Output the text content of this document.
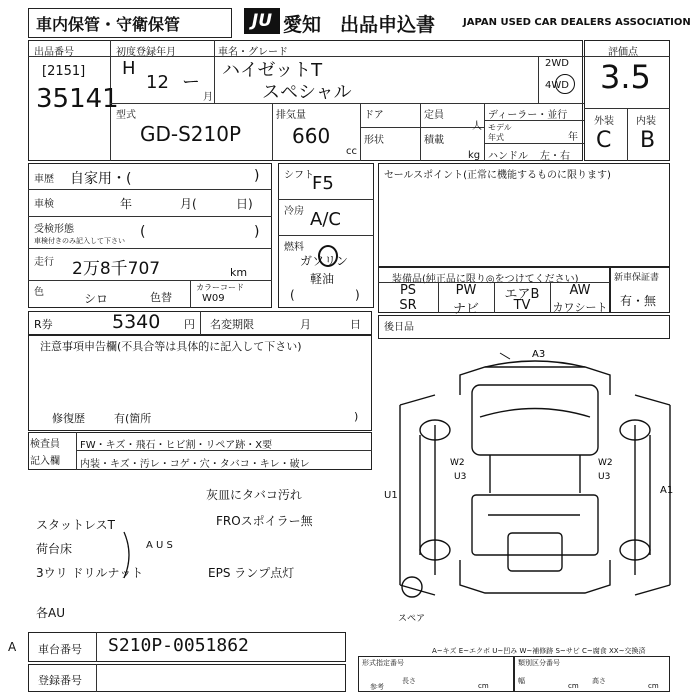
車内保管・守衛保管	JU 愛知 出品申込書	JAPAN USED CAR DEALERS ASSOCIATION
出品番号
[2151]
35141
初度登録年月
H
12 ー
月
車名・グレード
ハイゼットT
スペシャル
2WD
4WD
型式
GD-S210P
排気量
660
cc
ドア
形状
定員
人
積載
kg
ディーラー・並行
モデル
年式	年
ハンドル 左・右
評価点
3.5
外装 内装
C B
車歴 自家用・(	)
車検	年	月(	日)
受検形態
車検付きのみ記入して下さい
(	)
走行 2万8千707	km
色	シロ	色替
カラーコード
W09
シフト
F5
冷房 A/C
燃料
ガソリン
軽油
(	)
セールスポイント(正常に機能するものに限ります)
装備品(純正品に限り◎をつけてください)
PS	PW	エアB	AW
SR	ナビ	TV	カワシート
新車保証書
有・無
R券	5340 円 名変期限	月	日 後日品
注意事項申告欄(不具合等は具体的に記入して下さい)
修復歴	有(箇所	)
検査員
記入欄
FW・キズ・飛石・ヒビ割・リペア跡・X要
内装・キズ・汚レ・コゲ・穴・タバコ・キレ・破レ
灰皿にタバコ汚れ
FROスポイラー無
スタットレスT
荷台床
3ウリ ドリルナット
A U S
EPS ランプ点灯
各AU
A
A3
W2
U3
W2
U3
A1
スペア
U1
A~キズ E~エクボ U~凹み W~補修跡 S~サビ C~腐食 XX~交換済
車台番号 S210P-0051862
登録番号
形式指定番号
参考
長さ
cm
類別区分番号
幅	高さ
cm	cm
